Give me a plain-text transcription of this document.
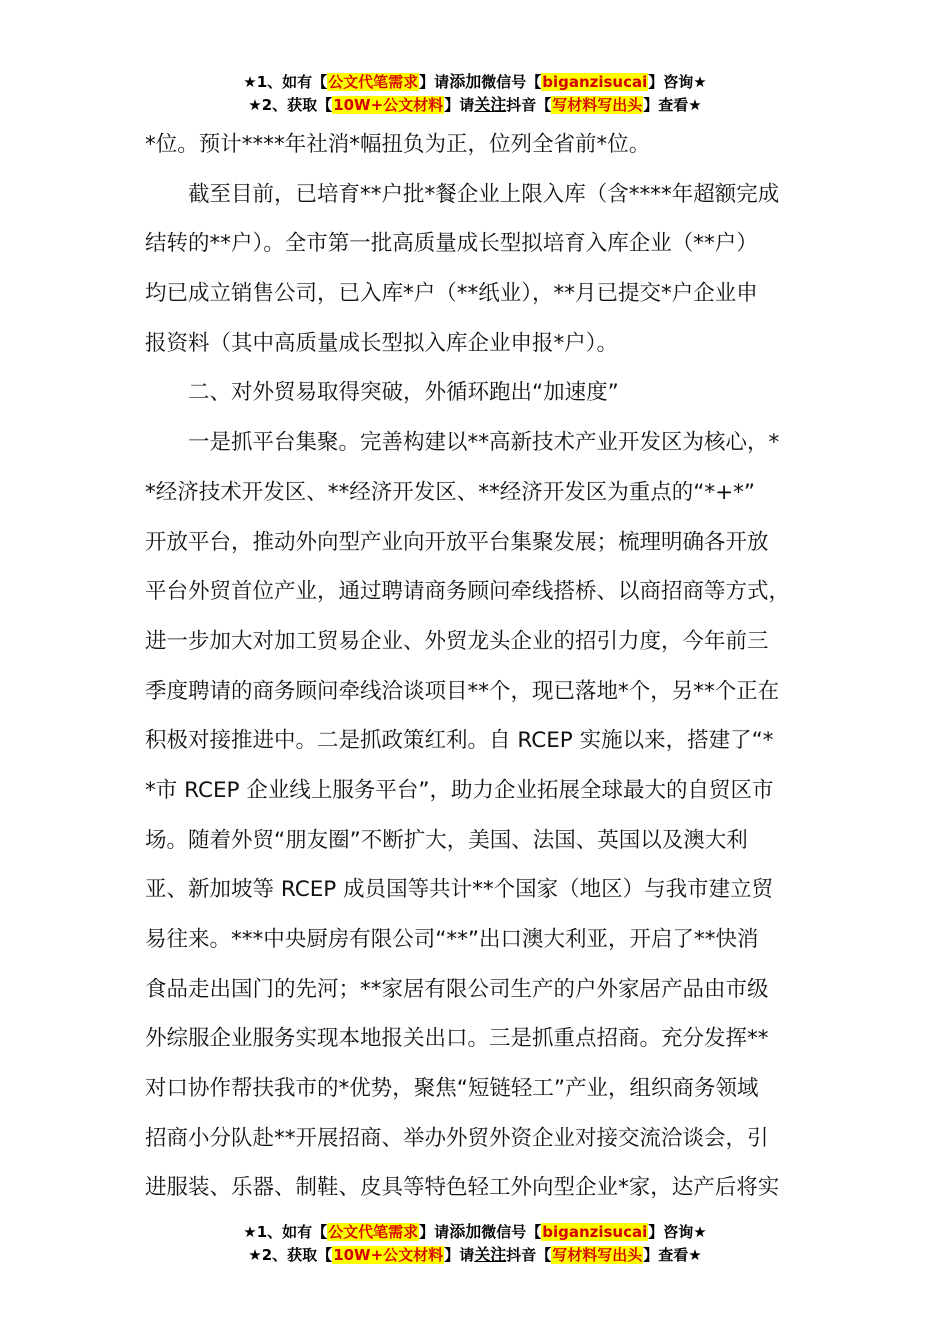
★1、如有【公文代笔需求】请添加微信号【biganzisucai】咨询★
★2、获取【10W+公文材料】请关注抖音【写材料写出头】查看★
*位。预计****年社消*幅扭负为正，位列全省前*位。
截至目前，已培育**户批*餐企业上限入库（含****年超额完成
结转的**户）。全市第一批高质量成长型拟培育入库企业（**户）
均已成立销售公司，已入库*户（**纸业），**月已提交*户企业申
报资料（其中高质量成长型拟入库企业申报*户）。
二、对外贸易取得突破，外循环跑出“加速度”
一是抓平台集聚。完善构建以**高新技术产业开发区为核心，*
*经济技术开发区、**经济开发区、**经济开发区为重点的“*+*”
开放平台，推动外向型产业向开放平台集聚发展；梳理明确各开放
平台外贸首位产业，通过聘请商务顾问牵线搭桥、以商招商等方式，
进一步加大对加工贸易企业、外贸龙头企业的招引力度，今年前三
季度聘请的商务顾问牵线洽谈项目**个，现已落地*个，另**个正在
积极对接推进中。二是抓政策红利。自 RCEP 实施以来，搭建了“*
*市 RCEP 企业线上服务平台”，助力企业拓展全球最大的自贸区市
场。随着外贸“朋友圈”不断扩大，美国、法国、英国以及澳大利
亚、新加坡等 RCEP 成员国等共计**个国家（地区）与我市建立贸
易往来。***中央厨房有限公司“**”出口澳大利亚，开启了**快消
食品走出国门的先河；**家居有限公司生产的户外家居产品由市级
外综服企业服务实现本地报关出口。三是抓重点招商。充分发挥**
对口协作帮扶我市的*优势，聚焦“短链轻工”产业，组织商务领域
招商小分队赴**开展招商、举办外贸外资企业对接交流洽谈会，引
进服装、乐器、制鞋、皮具等特色轻工外向型企业*家，达产后将实
★1、如有【公文代笔需求】请添加微信号【biganzisucai】咨询★
★2、获取【10W+公文材料】请关注抖音【写材料写出头】查看★
